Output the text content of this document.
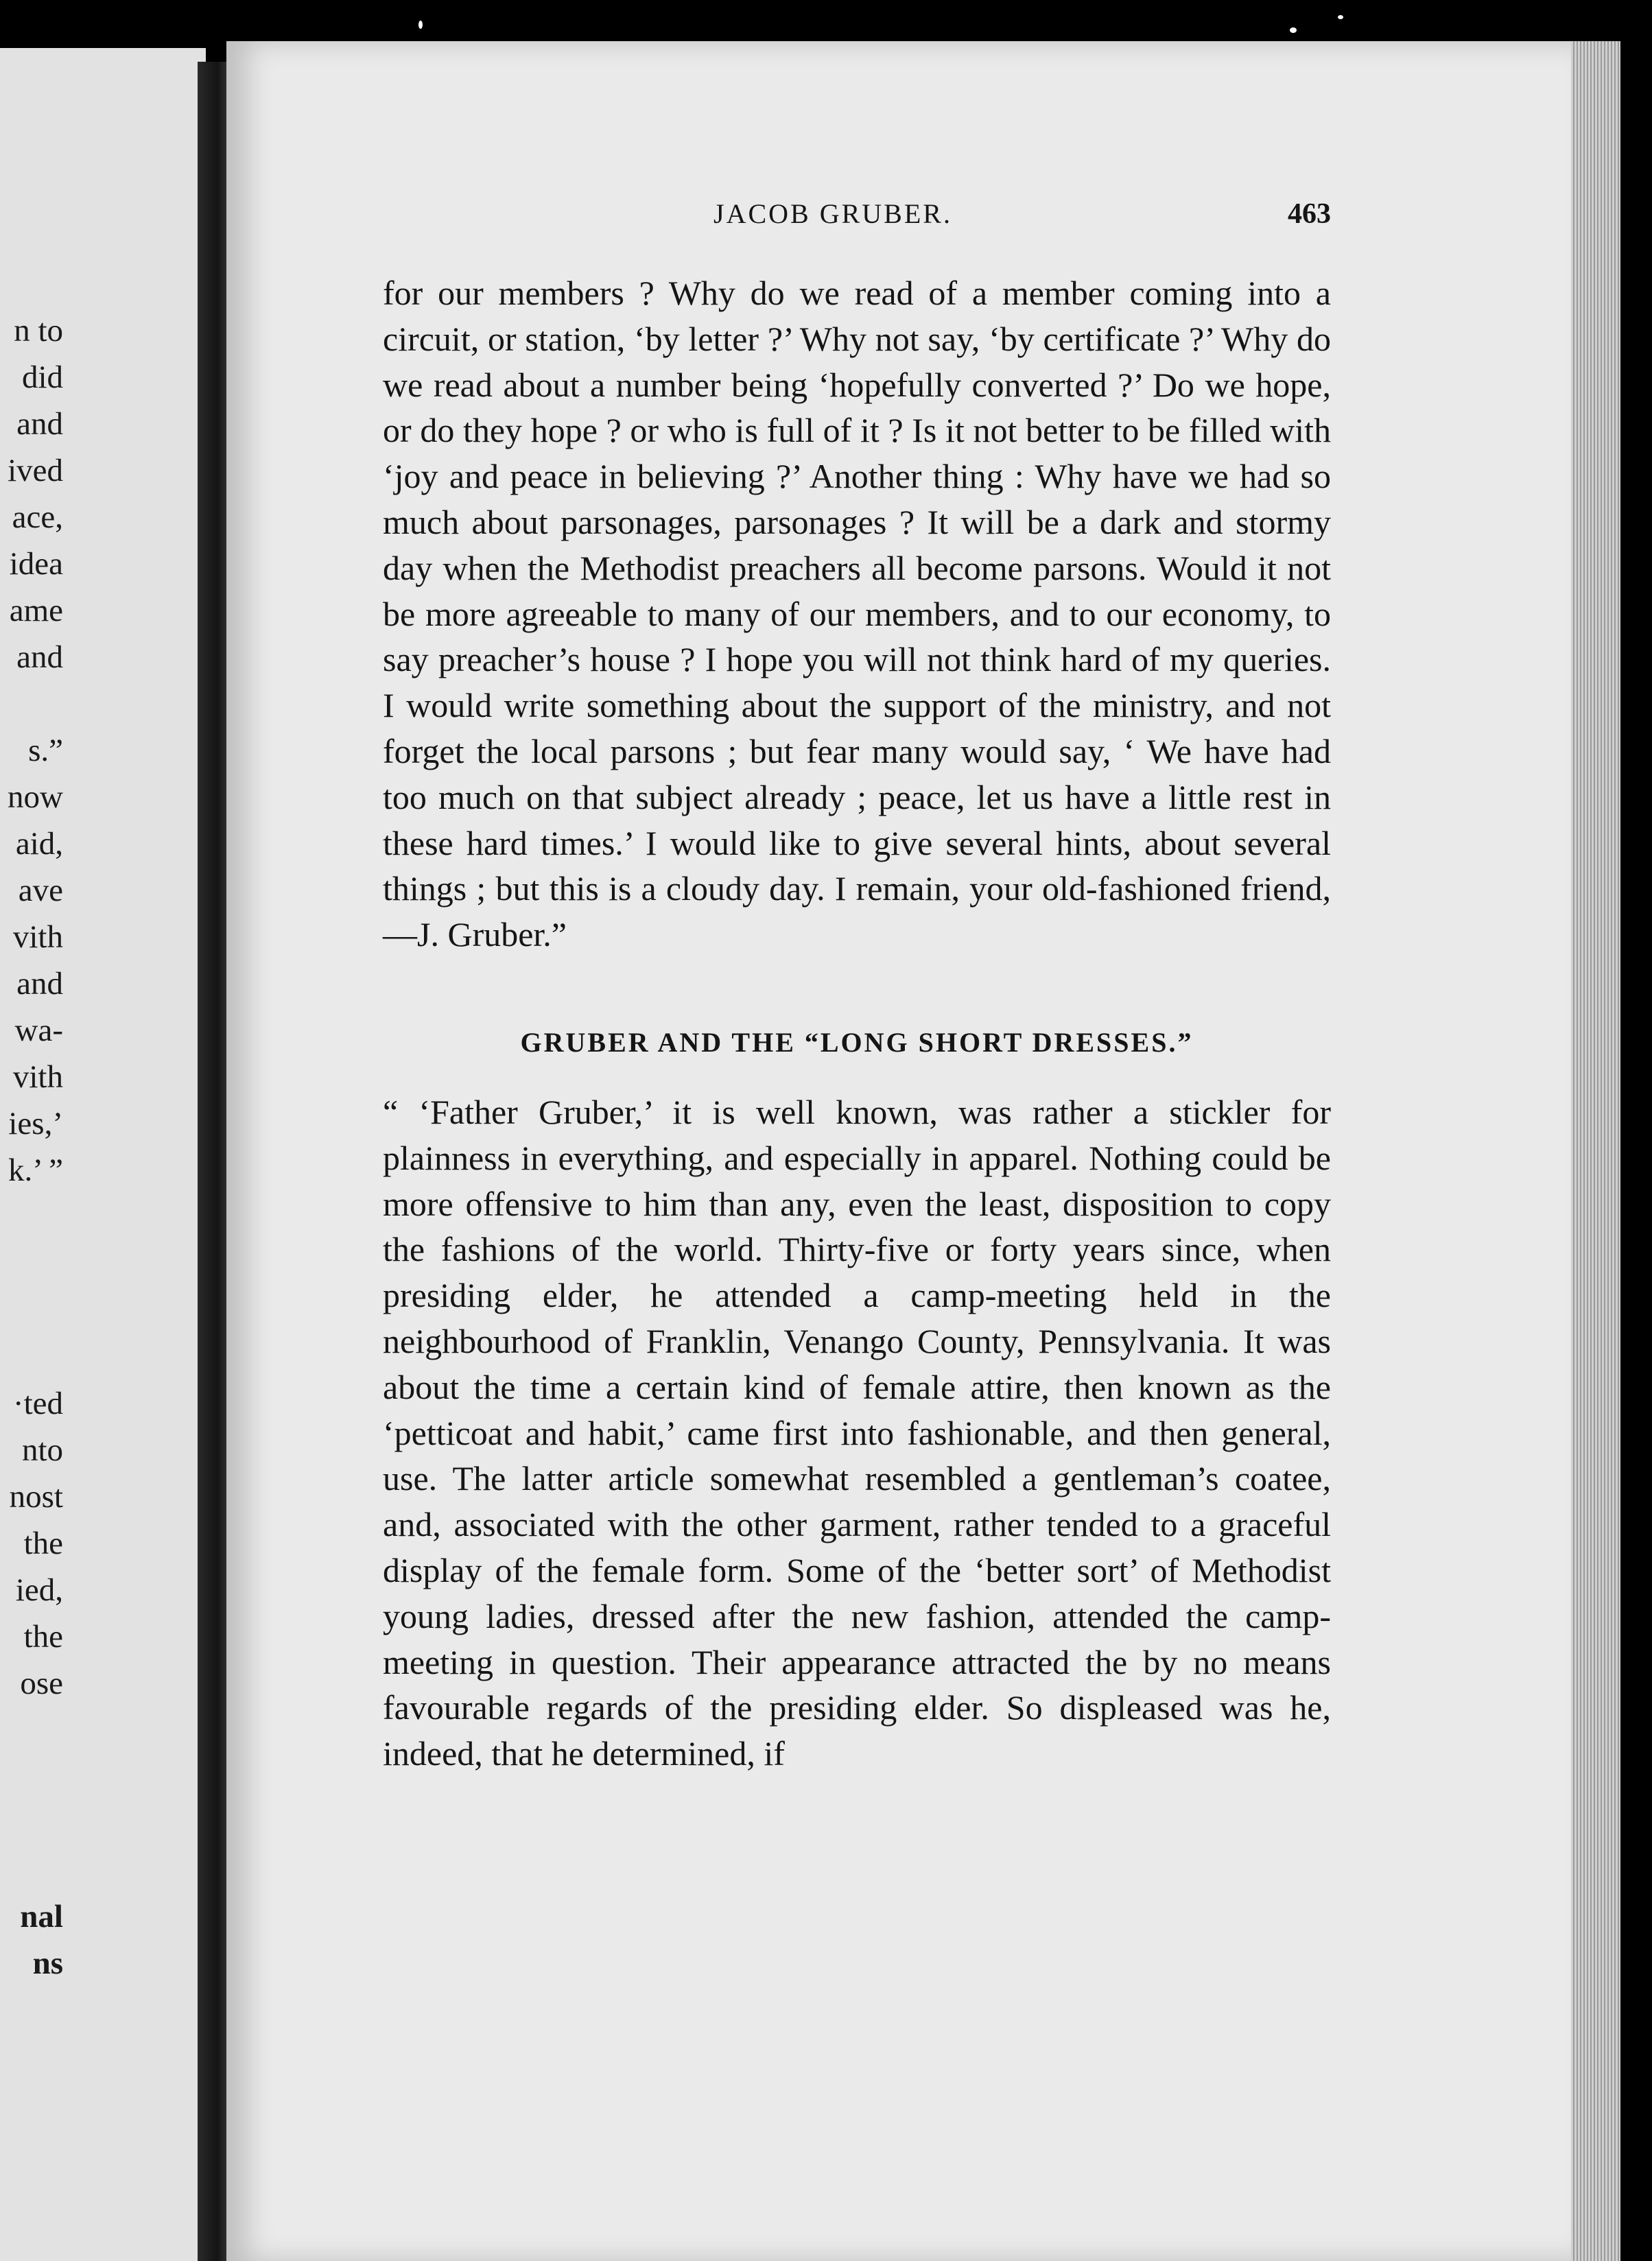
n to
did
and
ived
ace,
idea
ame
and
s.”
now
aid,
ave
vith
and
wa-
vith
ies,’
k.’ ”
·ted
nto
nost
the
ied,
the
ose
nal
ns
JACOB GRUBER.	463

for our members ? Why do we read of a member coming into a circuit, or station, ‘by letter ?’ Why not say, ‘by certificate ?’ Why do we read about a number being ‘hopefully converted ?’ Do we hope, or do they hope ? or who is full of it ? Is it not better to be filled with ‘joy and peace in believing ?’ Another thing : Why have we had so much about parsonages, parsonages ? It will be a dark and stormy day when the Methodist preachers all become parsons. Would it not be more agreeable to many of our members, and to our economy, to say preacher’s house ? I hope you will not think hard of my queries. I would write something about the support of the ministry, and not forget the local parsons ; but fear many would say, ‘ We have had too much on that subject already ; peace, let us have a little rest in these hard times.’ I would like to give several hints, about several things ; but this is a cloudy day. I remain, your old-fashioned friend,—J. Gruber.”

GRUBER AND THE “LONG SHORT DRESSES.”

“ ‘Father Gruber,’ it is well known, was rather a stickler for plainness in everything, and especially in apparel. Nothing could be more offensive to him than any, even the least, disposition to copy the fashions of the world. Thirty-five or forty years since, when presiding elder, he attended a camp-meeting held in the neighbourhood of Franklin, Venango County, Pennsylvania. It was about the time a certain kind of female attire, then known as the ‘petticoat and habit,’ came first into fashionable, and then general, use. The latter article somewhat resembled a gentleman’s coatee, and, associated with the other garment, rather tended to a graceful display of the female form. Some of the ‘better sort’ of Methodist young ladies, dressed after the new fashion, attended the camp-meeting in question. Their appearance attracted the by no means favourable regards of the presiding elder. So displeased was he, indeed, that he determined, if
